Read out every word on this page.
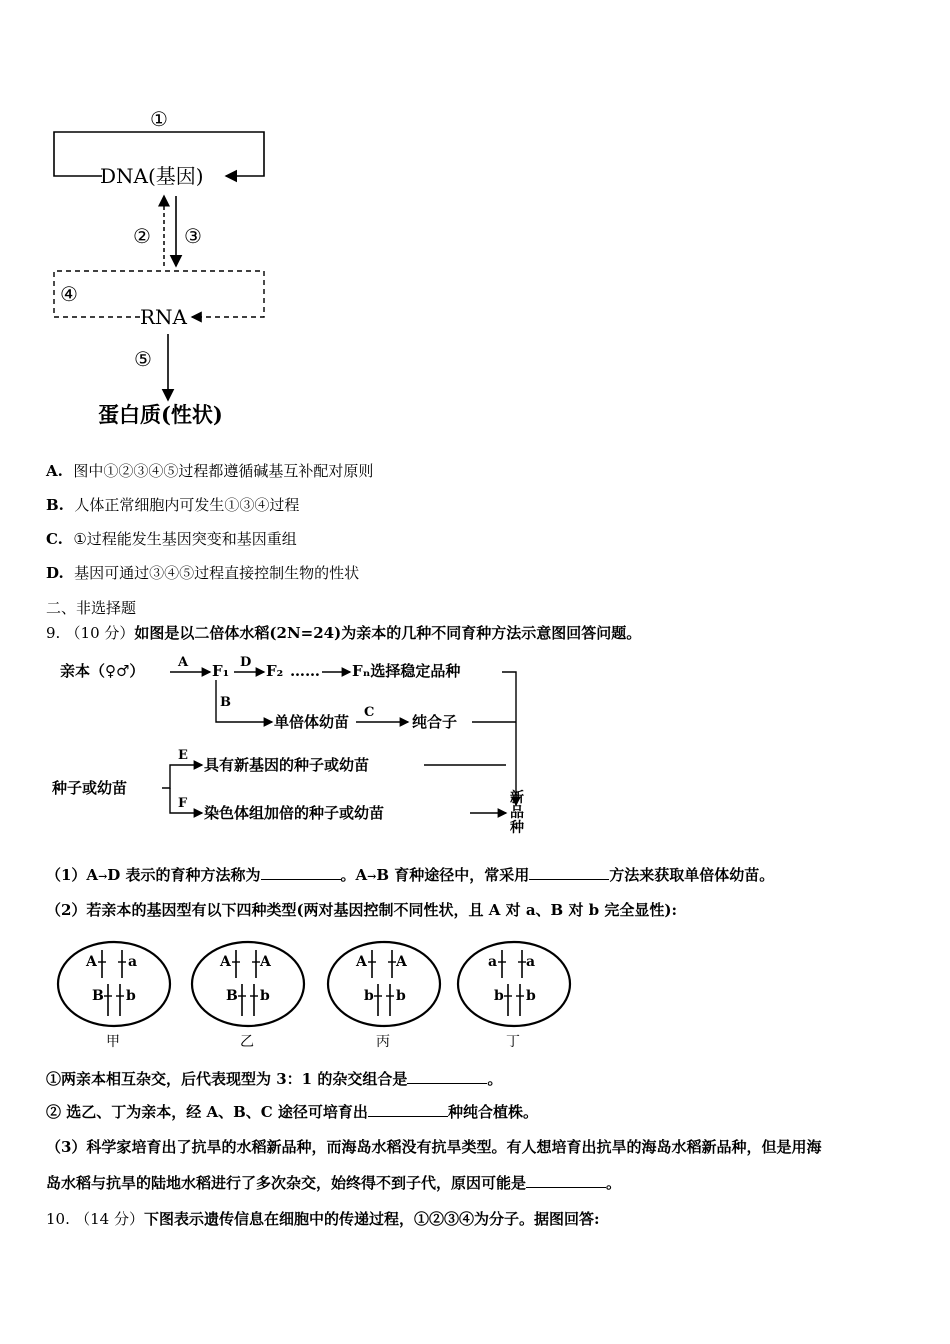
①
DNA(基因)
② ③
④
RNA
⑤
蛋白质(性状)
A. 图中①②③④⑤过程都遵循碱基互补配对原则
B. 人体正常细胞内可发生①③④过程
C. ①过程能发生基因突变和基因重组
D. 基因可通过③④⑤过程直接控制生物的性状
二、非选择题
9. （10 分）如图是以二倍体水稻(2N=24)为亲本的几种不同育种方法示意图回答问题。
亲本（♀♂）	A F₁ D F₂ …… Fₙ选择稳定品种
B
单倍体幼苗
C
纯合子
种子或幼苗
E
F
具有新基因的种子或幼苗
染色体组加倍的种子或幼苗
新
品
种
（1）A→D 表示的育种方法称为	。A→B 育种途径中，常采用	方法来获取单倍体幼苗。
（2）若亲本的基因型有以下四种类型(两对基因控制不同性状，且 A 对 a、B 对 b 完全显性):
A a
B b
甲
A A
B b
乙
A A
b b
丙
a a
b b
丁
①两亲本相互杂交，后代表现型为 3：1 的杂交组合是	。
② 选乙、丁为亲本，经 A、B、C 途径可培育出	种纯合植株。
（3）科学家培育出了抗旱的水稻新品种，而海岛水稻没有抗旱类型。有人想培育出抗旱的海岛水稻新品种，但是用海
岛水稻与抗旱的陆地水稻进行了多次杂交，始终得不到子代，原因可能是	。
10. （14 分）下图表示遗传信息在细胞中的传递过程，①②③④为分子。据图回答:
